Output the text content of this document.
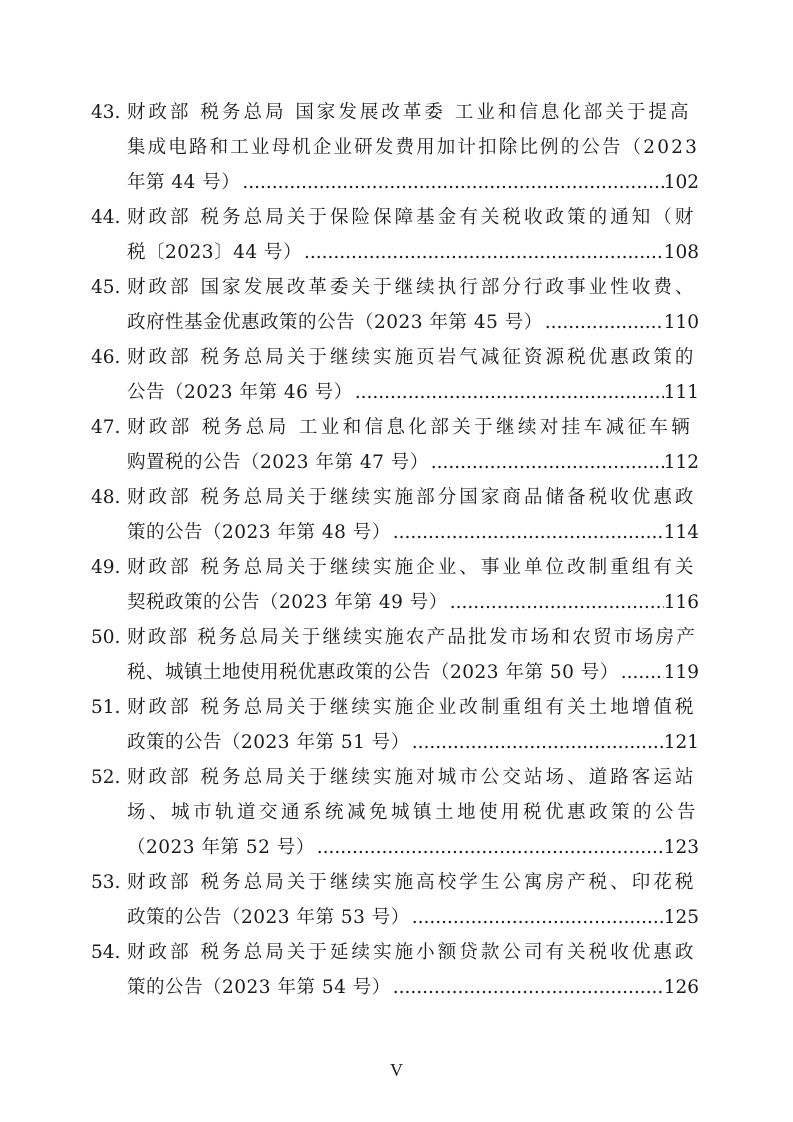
43. 财政部 税务总局 国家发展改革委 工业和信息化部关于提高
集成电路和工业母机企业研发费用加计扣除比例的公告（2023
年第 44 号） .....	102
44. 财政部 税务总局关于保险保障基金有关税收政策的通知（财
税〔2023〕44 号） .....	108
45. 财政部 国家发展改革委关于继续执行部分行政事业性收费、
政府性基金优惠政策的公告（2023 年第 45 号） .....	110
46. 财政部 税务总局关于继续实施页岩气减征资源税优惠政策的
公告（2023 年第 46 号） .....	111
47. 财政部 税务总局 工业和信息化部关于继续对挂车减征车辆
购置税的公告（2023 年第 47 号） .....	112
48. 财政部 税务总局关于继续实施部分国家商品储备税收优惠政
策的公告（2023 年第 48 号） .....	114
49. 财政部 税务总局关于继续实施企业、事业单位改制重组有关
契税政策的公告（2023 年第 49 号） .....	116
50. 财政部 税务总局关于继续实施农产品批发市场和农贸市场房产
税、城镇土地使用税优惠政策的公告（2023 年第 50 号） ..... 119
51. 财政部 税务总局关于继续实施企业改制重组有关土地增值税
政策的公告（2023 年第 51 号） .....	121
52. 财政部 税务总局关于继续实施对城市公交站场、道路客运站
场、城市轨道交通系统减免城镇土地使用税优惠政策的公告
（2023 年第 52 号） .....	123
53. 财政部 税务总局关于继续实施高校学生公寓房产税、印花税
政策的公告（2023 年第 53 号） .....	125
54. 财政部 税务总局关于延续实施小额贷款公司有关税收优惠政
策的公告（2023 年第 54 号） .....	126
V
